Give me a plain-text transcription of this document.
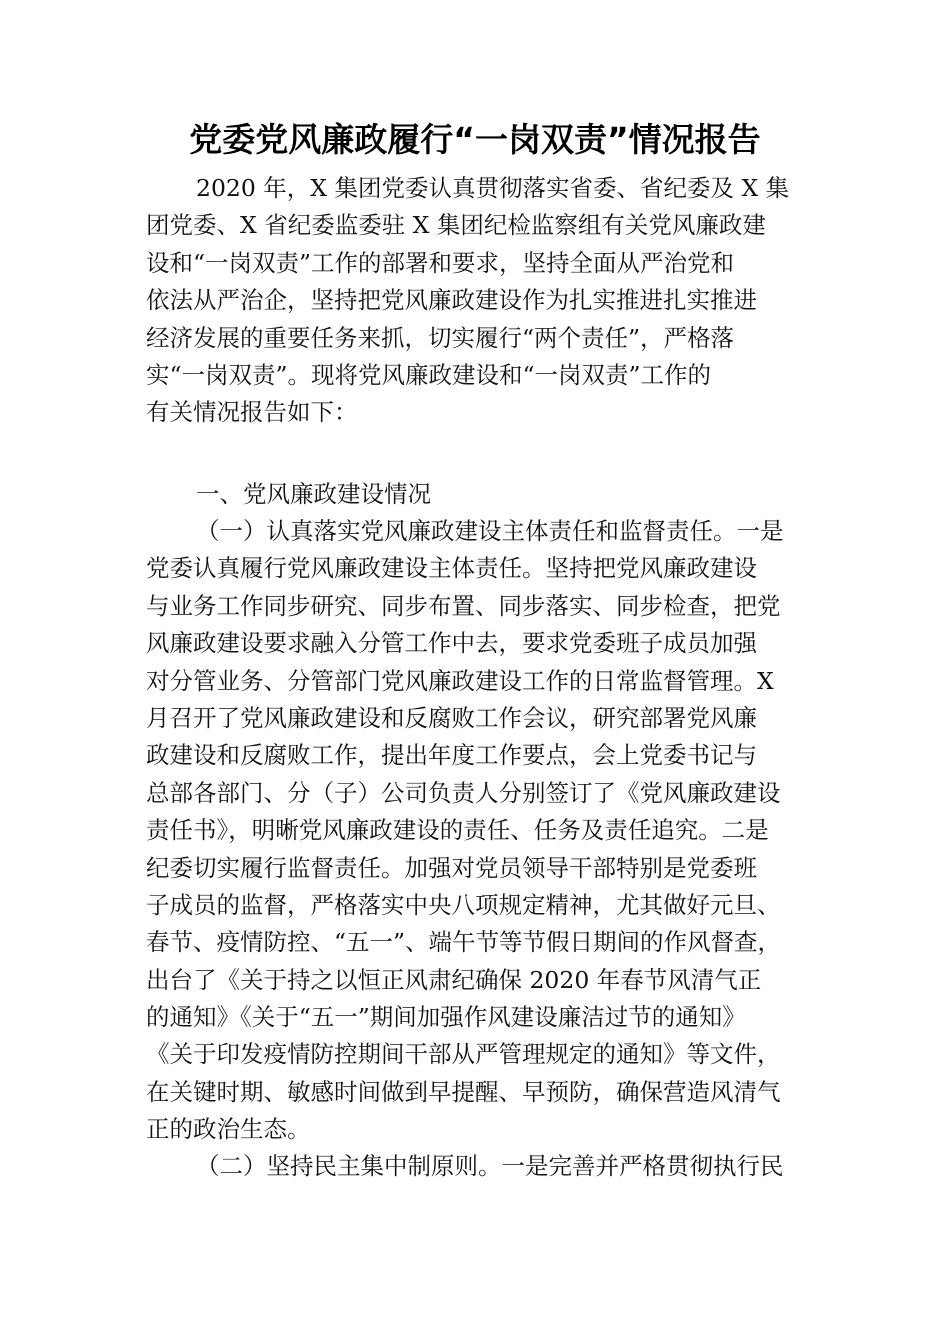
党委党风廉政履行“一岗双责”情况报告
2020 年，X 集团党委认真贯彻落实省委、省纪委及 X 集
团党委、X 省纪委监委驻 X 集团纪检监察组有关党风廉政建
设和“一岗双责”工作的部署和要求，坚持全面从严治党和
依法从严治企，坚持把党风廉政建设作为扎实推进扎实推进
经济发展的重要任务来抓，切实履行“两个责任”，严格落
实“一岗双责”。现将党风廉政建设和“一岗双责”工作的
有关情况报告如下：
一、党风廉政建设情况
（一）认真落实党风廉政建设主体责任和监督责任。一是
党委认真履行党风廉政建设主体责任。坚持把党风廉政建设
与业务工作同步研究、同步布置、同步落实、同步检查，把党
风廉政建设要求融入分管工作中去，要求党委班子成员加强
对分管业务、分管部门党风廉政建设工作的日常监督管理。X
月召开了党风廉政建设和反腐败工作会议，研究部署党风廉
政建设和反腐败工作，提出年度工作要点，会上党委书记与
总部各部门、分（子）公司负责人分别签订了《党风廉政建设
责任书》，明晰党风廉政建设的责任、任务及责任追究。二是
纪委切实履行监督责任。加强对党员领导干部特别是党委班
子成员的监督，严格落实中央八项规定精神，尤其做好元旦、
春节、疫情防控、“五一”、端午节等节假日期间的作风督查，
出台了《关于持之以恒正风肃纪确保 2020 年春节风清气正
的通知》《关于“五一”期间加强作风建设廉洁过节的通知》
《关于印发疫情防控期间干部从严管理规定的通知》等文件，
在关键时期、敏感时间做到早提醒、早预防，确保营造风清气
正的政治生态。
（二）坚持民主集中制原则。一是完善并严格贯彻执行民
